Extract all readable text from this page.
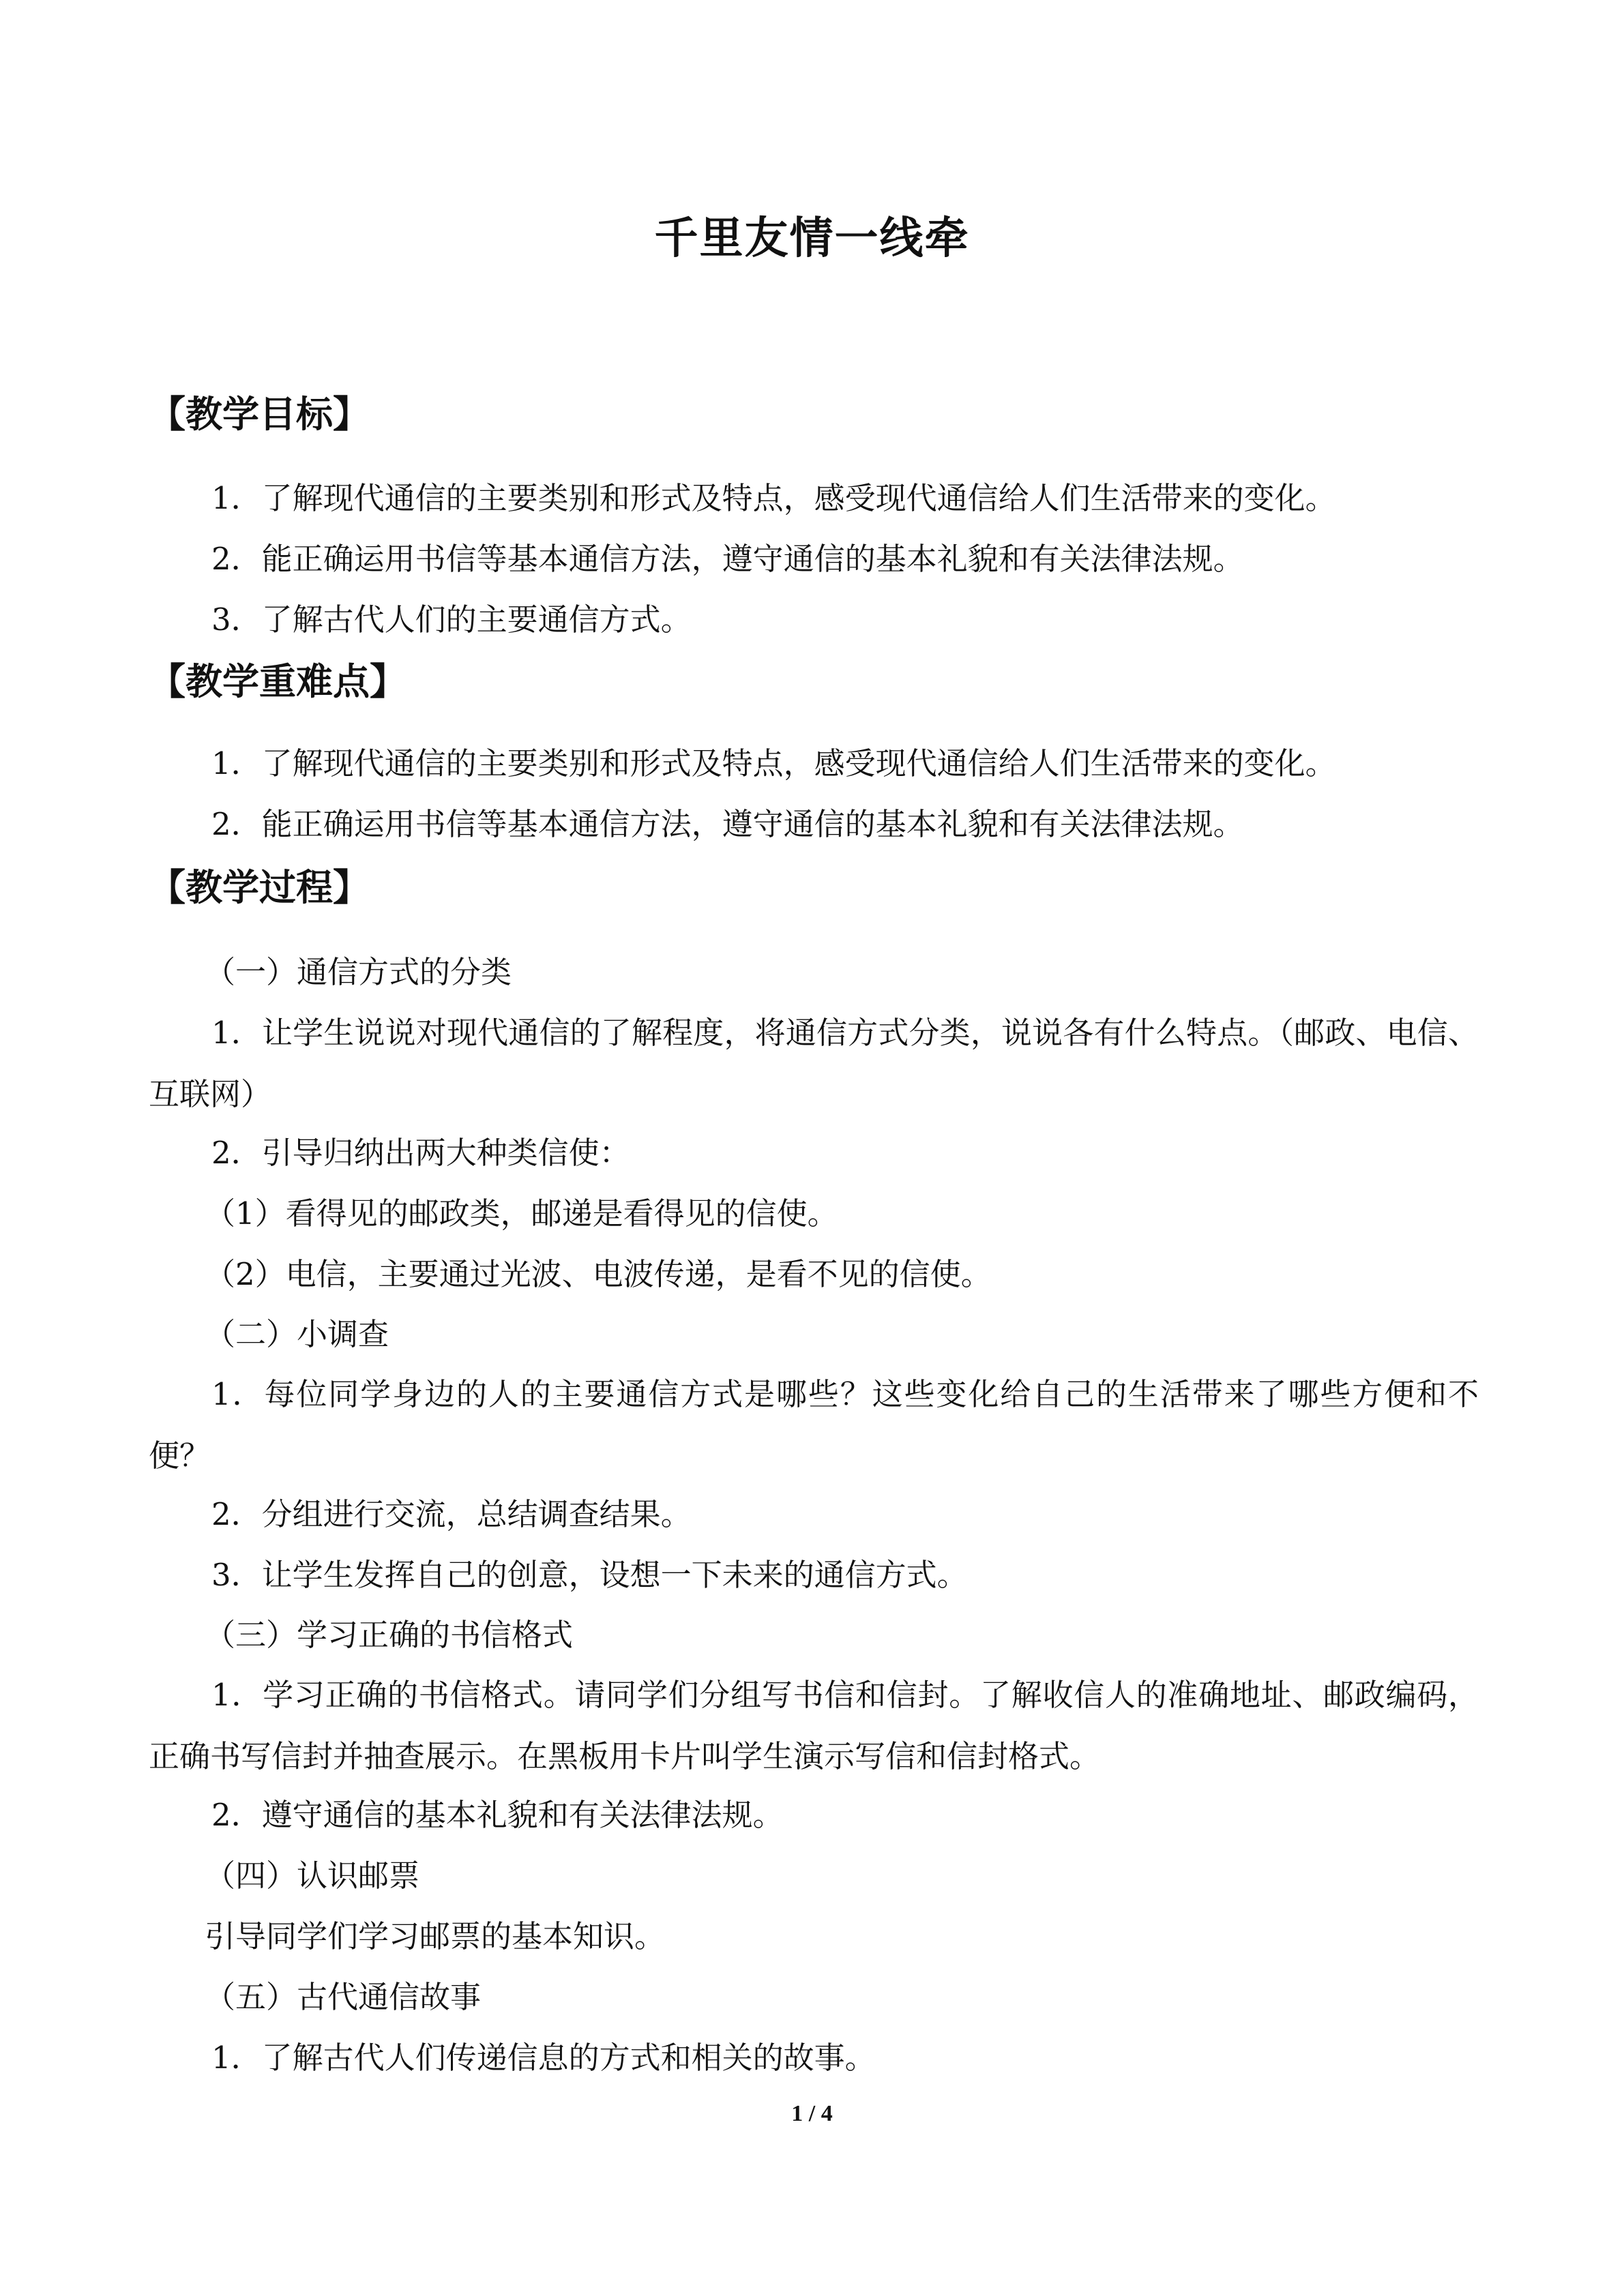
千里友情一线牵
【教学目标】
1．了解现代通信的主要类别和形式及特点，感受现代通信给人们生活带来的变化。
2．能正确运用书信等基本通信方法，遵守通信的基本礼貌和有关法律法规。
3．了解古代人们的主要通信方式。
【教学重难点】
1．了解现代通信的主要类别和形式及特点，感受现代通信给人们生活带来的变化。
2．能正确运用书信等基本通信方法，遵守通信的基本礼貌和有关法律法规。
【教学过程】
（一）通信方式的分类
1．让学生说说对现代通信的了解程度，将通信方式分类，说说各有什么特点。（邮政、电信、互联网）
2．引导归纳出两大种类信使：
（1）看得见的邮政类，邮递是看得见的信使。
（2）电信，主要通过光波、电波传递，是看不见的信使。
（二）小调查
1．每位同学身边的人的主要通信方式是哪些？这些变化给自己的生活带来了哪些方便和不便？
2．分组进行交流，总结调查结果。
3．让学生发挥自己的创意，设想一下未来的通信方式。
（三）学习正确的书信格式
1．学习正确的书信格式。请同学们分组写书信和信封。了解收信人的准确地址、邮政编码，正确书写信封并抽查展示。在黑板用卡片叫学生演示写信和信封格式。
2．遵守通信的基本礼貌和有关法律法规。
（四）认识邮票
引导同学们学习邮票的基本知识。
（五）古代通信故事
1．了解古代人们传递信息的方式和相关的故事。
1 / 4
